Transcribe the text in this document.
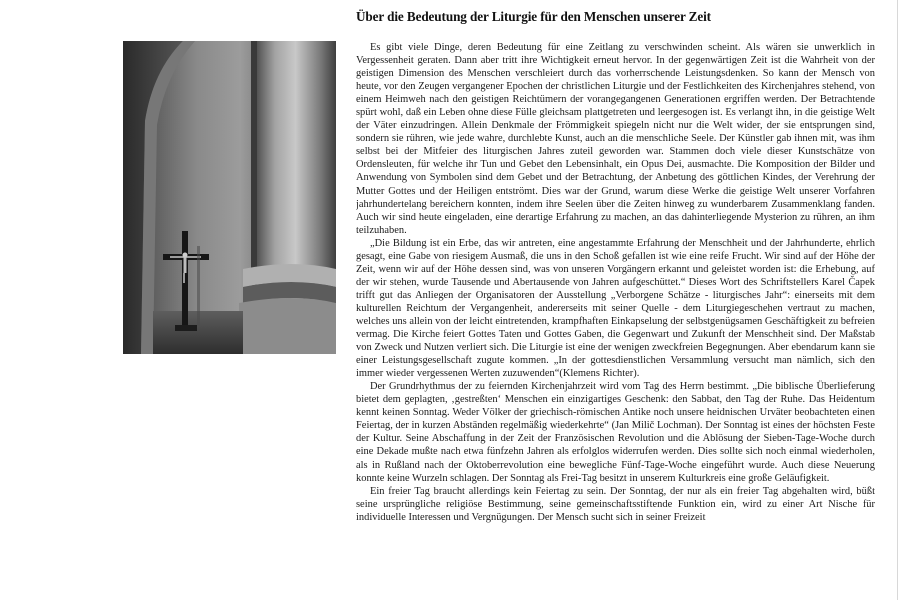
Über die Bedeutung der Liturgie für den Menschen unserer Zeit

Es gibt viele Dinge, deren Bedeutung für eine Zeitlang zu verschwinden scheint. Als wären sie unwerklich in Vergessenheit geraten. Dann aber tritt ihre Wichtigkeit erneut hervor. In der gegenwärtigen Zeit ist die Wahrheit von der geistigen Dimension des Menschen verschleiert durch das vorherrschende Leistungsdenken. So kann der Mensch von heute, vor den Zeugen vergangener Epochen der christlichen Liturgie und der Festlichkeiten des Kirchenjahres stehend, von einem Heimweh nach den geistigen Reichtümern der vorangegangenen Generationen ergriffen werden. Der Betrachtende spürt wohl, daß ein Leben ohne diese Fülle gleichsam plattgetreten und leergesogen ist. Es verlangt ihn, in die geistige Welt der Väter einzudringen. Allein Denkmale der Frömmigkeit spiegeln nicht nur die Welt wider, der sie entsprungen sind, sondern sie rühren, wie jede wahre, durchlebte Kunst, auch an die menschliche Seele. Der Künstler gab ihnen mit, was ihm selbst bei der Mitfeier des liturgischen Jahres zuteil geworden war. Stammen doch viele dieser Kunstschätze von Ordensleuten, für welche ihr Tun und Gebet den Lebensinhalt, ein Opus Dei, ausmachte. Die Komposition der Bilder und Anwendung von Symbolen sind dem Gebet und der Betrachtung, der Anbetung des göttlichen Kindes, der Verehrung der Mutter Gottes und der Heiligen entströmt. Dies war der Grund, warum diese Werke die geistige Welt unserer Vorfahren jahrhundertelang bereichern konnten, indem ihre Seelen über die Zeiten hinweg zu wunderbarem Zusammenklang fanden. Auch wir sind heute eingeladen, eine derartige Erfahrung zu machen, an das dahinterliegende Mysterion zu rühren, an ihm teilzuhaben.

„Die Bildung ist ein Erbe, das wir antreten, eine angestammte Erfahrung der Menschheit und der Jahrhunderte, ehrlich gesagt, eine Gabe von riesigem Ausmaß, die uns in den Schoß gefallen ist wie eine reife Frucht. Wir sind auf der Höhe der Zeit, wenn wir auf der Höhe dessen sind, was von unseren Vorgängern erkannt und geleistet worden ist: die Erhebung, auf der wir stehen, wurde Tausende und Abertausende von Jahren aufgeschüttet.“ Dieses Wort des Schriftstellers Karel Čapek trifft gut das Anliegen der Organisatoren der Ausstellung „Verborgene Schätze - liturgisches Jahr“: einerseits mit dem kulturellen Reichtum der Vergangenheit, andererseits mit seiner Quelle - dem Liturgiegeschehen vertraut zu machen, welches uns allein von der leicht eintretenden, krampfhaften Einkapselung der selbstgenügsamen Geschäftigkeit zu befreien vermag. Die Kirche feiert Gottes Taten und Gottes Gaben, die Gegenwart und Zukunft der Menschheit sind. Der Maßstab von Zweck und Nutzen verliert sich. Die Liturgie ist eine der wenigen zweckfreien Begegnungen. Aber ebendarum kann sie einer Leistungsgesellschaft zugute kommen. „In der gottesdienstlichen Versammlung versucht man nämlich, sich den immer wieder vergessenen Werten zuzuwenden“(Klemens Richter).

Der Grundrhythmus der zu feiernden Kirchenjahrzeit wird vom Tag des Herrn bestimmt. „Die biblische Überlieferung bietet dem geplagten, ‚gestreßten‘ Menschen ein einzigartiges Geschenk: den Sabbat, den Tag der Ruhe. Das Heidentum kennt keinen Sonntag. Weder Völker der griechisch-römischen Antike noch unsere heidnischen Urväter beobachteten einen Feiertag, der in kurzen Abständen regelmäßig wiederkehrte“ (Jan Milič Lochman). Der Sonntag ist eines der höchsten Feste der Kultur. Seine Abschaffung in der Zeit der Französischen Revolution und die Ablösung der Sieben-Tage-Woche durch eine Dekade mußte nach etwa fünfzehn Jahren als erfolglos widerrufen werden. Dies sollte sich noch einmal wiederholen, als in Rußland nach der Oktoberrevolution eine bewegliche Fünf-Tage-Woche eingeführt wurde. Auch diese Neuerung konnte keine Wurzeln schlagen. Der Sonntag als Frei-Tag besitzt in unserem Kulturkreis eine große Geläufigkeit.

Ein freier Tag braucht allerdings kein Feiertag zu sein. Der Sonntag, der nur als ein freier Tag abgehalten wird, büßt seine ursprüngliche religiöse Bestimmung, seine gemeinschaftsstiftende Funktion ein, wird zu einer Art Nische für individuelle Interessen und Vergnügungen. Der Mensch sucht sich in seiner Freizeit
